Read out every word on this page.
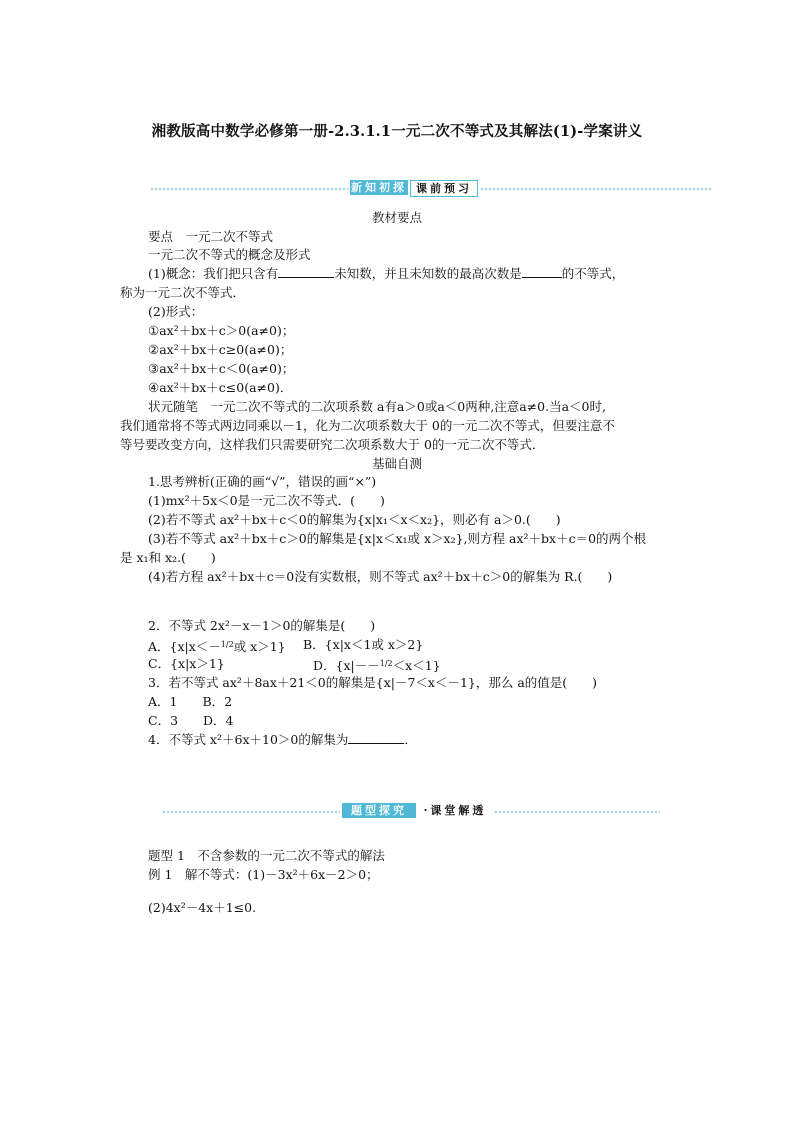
湘教版高中数学必修第一册-2.3.1.1一元二次不等式及其解法(1)-学案讲义
新知初探 课前预习
教材要点
要点　一元二次不等式
一元二次不等式的概念及形式
(1)概念：我们把只含有	未知数，并且未知数的最高次数是	的不等式，
称为一元二次不等式．
(2)形式：
①ax²＋bx＋c＞0(a≠0)；
②ax²＋bx＋c≥0(a≠0)；
③ax²＋bx＋c＜0(a≠0)；
④ax²＋bx＋c≤0(a≠0)．
状元随笔　一元二次不等式的二次项系数 a有a＞0或a＜0两种,注意a≠0.当a＜0时,
我们通常将不等式两边同乘以－1，化为二次项系数大于 0的一元二次不等式，但要注意不
等号要改变方向，这样我们只需要研究二次项系数大于 0的一元二次不等式．
基础自测
1.思考辨析(正确的画“√”，错误的画“×”)
(1)mx²＋5x＜0是一元二次不等式．(　　)
(2)若不等式 ax²＋bx＋c＜0的解集为{x|x₁＜x＜x₂}，则必有 a＞0.(　　)
(3)若不等式 ax²＋bx＋c＞0的解集是{x|x＜x₁或 x＞x₂},则方程 ax²＋bx＋c＝0的两个根
是 x₁和 x₂.(　　)
(4)若方程 ax²＋bx＋c＝0没有实数根，则不等式 ax²＋bx＋c＞0的解集为 R.(　　)
2．不等式 2x²－x－1＞0的解集是(　　)
A．{x|x＜－1/2或 x＞1} B．{x|x＜1或 x＞2}
C．{x|x＞1}	D．{x|－－1/2＜x＜1}
3．若不等式 ax²＋8ax＋21＜0的解集是{x|－7＜x＜－1}，那么 a的值是(　　)
A．1　　B．2
C．3　　D．4
4．不等式 x²＋6x＋10＞0的解集为	．
题型探究	·课堂解透
题型 1　不含参数的一元二次不等式的解法
例 1　解不等式：(1)－3x²＋6x－2＞0；
(2)4x²－4x＋1≤0.
